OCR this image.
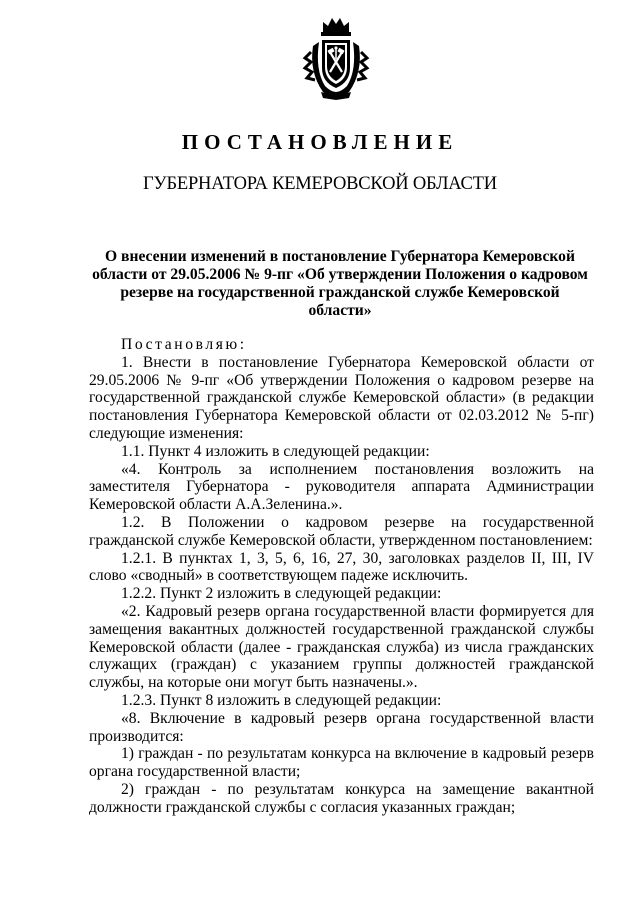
ПОСТАНОВЛЕНИЕ
ГУБЕРНАТОРА КЕМЕРОВСКОЙ ОБЛАСТИ
О внесении изменений в постановление Губернатора Кемеровской области от 29.05.2006 № 9-пг «Об утверждении Положения о кадровом резерве на государственной гражданской службе Кемеровской области»

Постановляю:

1. Внести в постановление Губернатора Кемеровской области от 29.05.2006 № 9-пг «Об утверждении Положения о кадровом резерве на государственной гражданской службе Кемеровской области» (в редакции постановления Губернатора Кемеровской области от 02.03.2012 № 5-пг) следующие изменения:

1.1. Пункт 4 изложить в следующей редакции:

«4. Контроль за исполнением постановления возложить на заместителя Губернатора - руководителя аппарата Администрации Кемеровской области А.А.Зеленина.».

1.2. В Положении о кадровом резерве на государственной гражданской службе Кемеровской области, утвержденном постановлением:

1.2.1. В пунктах 1, 3, 5, 6, 16, 27, 30, заголовках разделов II, III, IV слово «сводный» в соответствующем падеже исключить.

1.2.2. Пункт 2 изложить в следующей редакции:

«2. Кадровый резерв органа государственной власти формируется для замещения вакантных должностей государственной гражданской службы Кемеровской области (далее - гражданская служба) из числа гражданских служащих (граждан) с указанием группы должностей гражданской службы, на которые они могут быть назначены.».

1.2.3. Пункт 8 изложить в следующей редакции:

«8. Включение в кадровый резерв органа государственной власти производится:

1) граждан - по результатам конкурса на включение в кадровый резерв органа государственной власти;

2) граждан - по результатам конкурса на замещение вакантной должности гражданской службы с согласия указанных граждан;
